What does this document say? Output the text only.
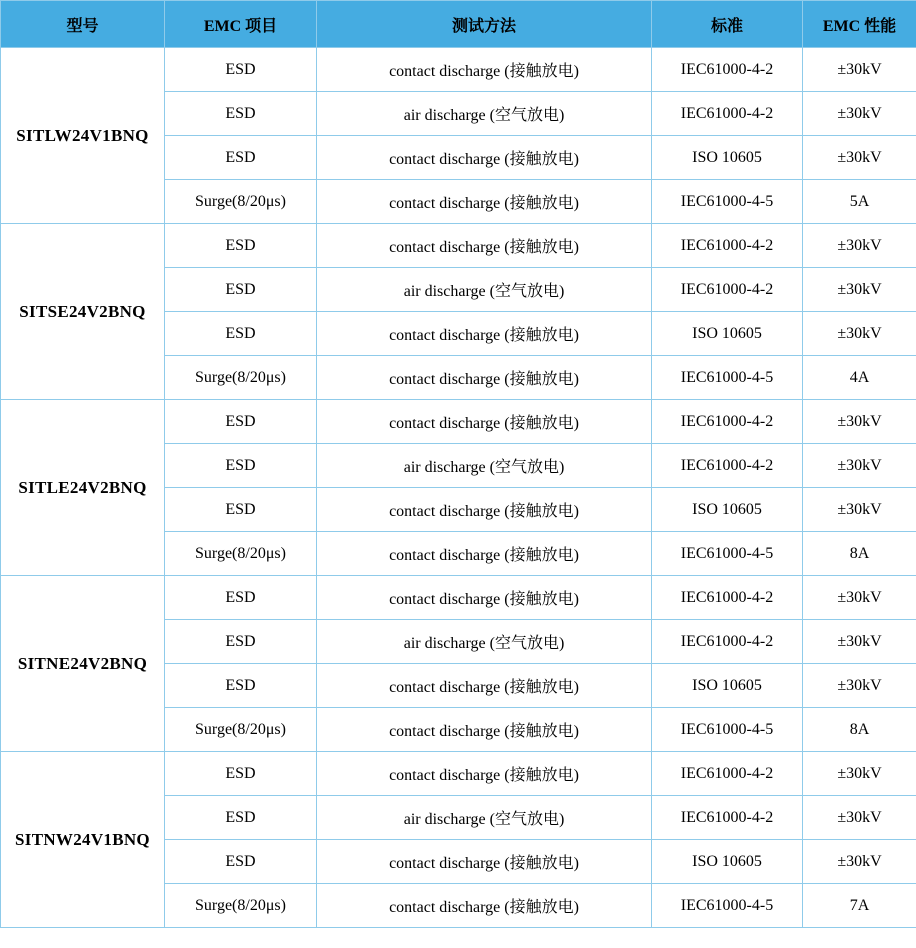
型号	EMC 项目	测试方法	标准	EMC 性能
SITLW24V1BNQ	ESD	contact discharge (接触放电)	IEC61000-4-2	±30kV
	ESD	air discharge (空气放电)	IEC61000-4-2	±30kV
	ESD	contact discharge (接触放电)	ISO 10605	±30kV
	Surge(8/20μs)	contact discharge (接触放电)	IEC61000-4-5	5A
SITSE24V2BNQ	ESD	contact discharge (接触放电)	IEC61000-4-2	±30kV
	ESD	air discharge (空气放电)	IEC61000-4-2	±30kV
	ESD	contact discharge (接触放电)	ISO 10605	±30kV
	Surge(8/20μs)	contact discharge (接触放电)	IEC61000-4-5	4A
SITLE24V2BNQ	ESD	contact discharge (接触放电)	IEC61000-4-2	±30kV
	ESD	air discharge (空气放电)	IEC61000-4-2	±30kV
	ESD	contact discharge (接触放电)	ISO 10605	±30kV
	Surge(8/20μs)	contact discharge (接触放电)	IEC61000-4-5	8A
SITNE24V2BNQ	ESD	contact discharge (接触放电)	IEC61000-4-2	±30kV
	ESD	air discharge (空气放电)	IEC61000-4-2	±30kV
	ESD	contact discharge (接触放电)	ISO 10605	±30kV
	Surge(8/20μs)	contact discharge (接触放电)	IEC61000-4-5	8A
SITNW24V1BNQ	ESD	contact discharge (接触放电)	IEC61000-4-2	±30kV
	ESD	air discharge (空气放电)	IEC61000-4-2	±30kV
	ESD	contact discharge (接触放电)	ISO 10605	±30kV
	Surge(8/20μs)	contact discharge (接触放电)	IEC61000-4-5	7A
